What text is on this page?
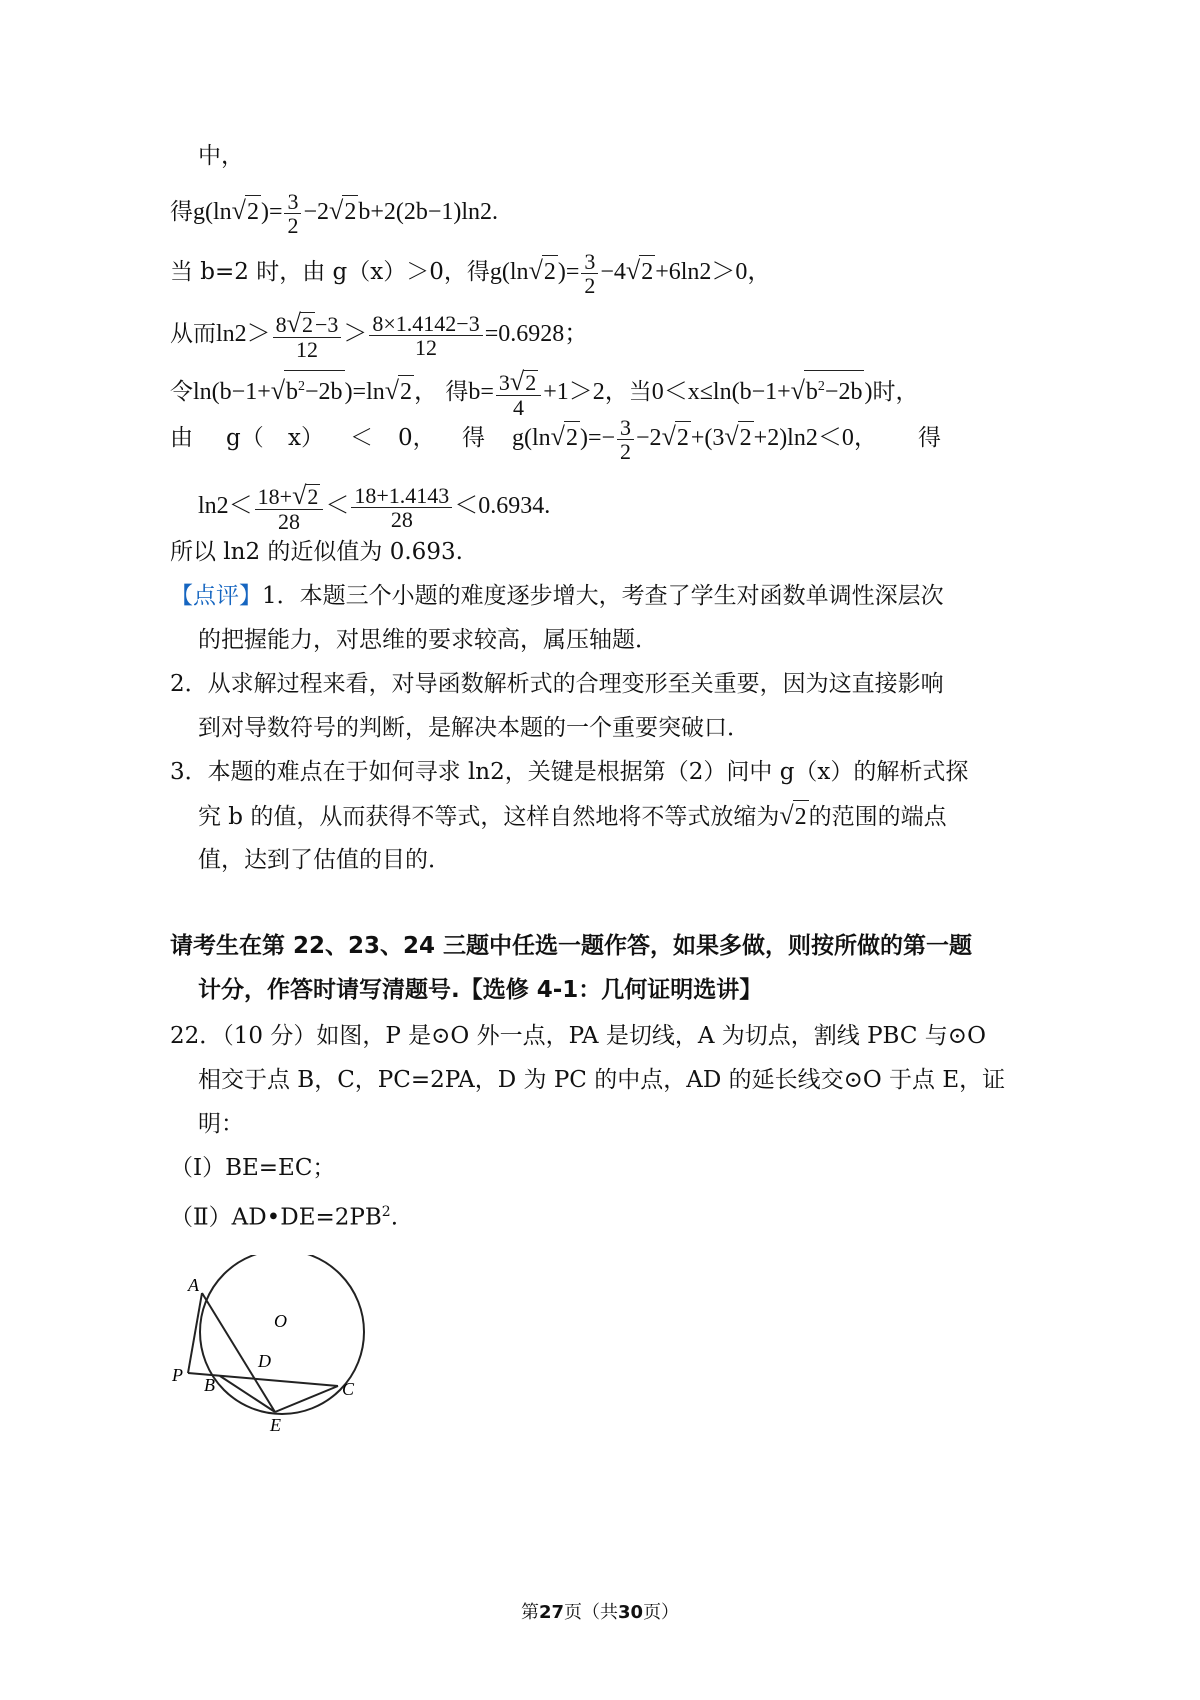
中，
得$g(\ln√2)= \frac{3}{2} -2√2b+2(2b-1)\ln 2$.
当 b=2 时，由 g（x）＞0，得$g(\ln√2)= \frac{3}{2} -4√2+6\ln 2>0$，
从而$\ln 2> \frac{8√2-3}{12} > \frac{8\times 1.4142-3}{12} =0.6928$；
令$\ln(b-1+√b^2-2b)=\ln√2$， 得$b= \frac{3√2}{4} +1>2$，当$0<x\le\ln(b-1+√b^2-2b)$时，
由 g（ x） ＜ 0， 得 $g(\ln√2)=- \frac{3}{2} -2√2+(3√2+2)\ln 2<0$， 得
$\ln 2< \frac{18+√2}{28} < \frac{18+1.4143}{28} <0.6934$.
所以 ln2 的近似值为 0.693.
【点评】1．本题三个小题的难度逐步增大，考查了学生对函数单调性深层次
的把握能力，对思维的要求较高，属压轴题．
2．从求解过程来看，对导函数解析式的合理变形至关重要，因为这直接影响
到对导数符号的判断，是解决本题的一个重要突破口．
3．本题的难点在于如何寻求 ln2，关键是根据第（2）问中 g（x）的解析式探
究 b 的值，从而获得不等式，这样自然地将不等式放缩为√2的范围的端点
值，达到了估值的目的．
请考生在第 22、23、24 三题中任选一题作答，如果多做，则按所做的第一题
计分，作答时请写清题号.【选修 4-1：几何证明选讲】
22．（10 分）如图，P 是⊙O 外一点，PA 是切线，A 为切点，割线 PBC 与⊙O
相交于点 B，C，PC=2PA，D 为 PC 的中点，AD 的延长线交⊙O 于点 E，证
明：
（Ⅰ）BE=EC；
$(Ⅱ)AD•DE=2PB^2$.
A
O
D
P B	C
E
第27页（共30页）
